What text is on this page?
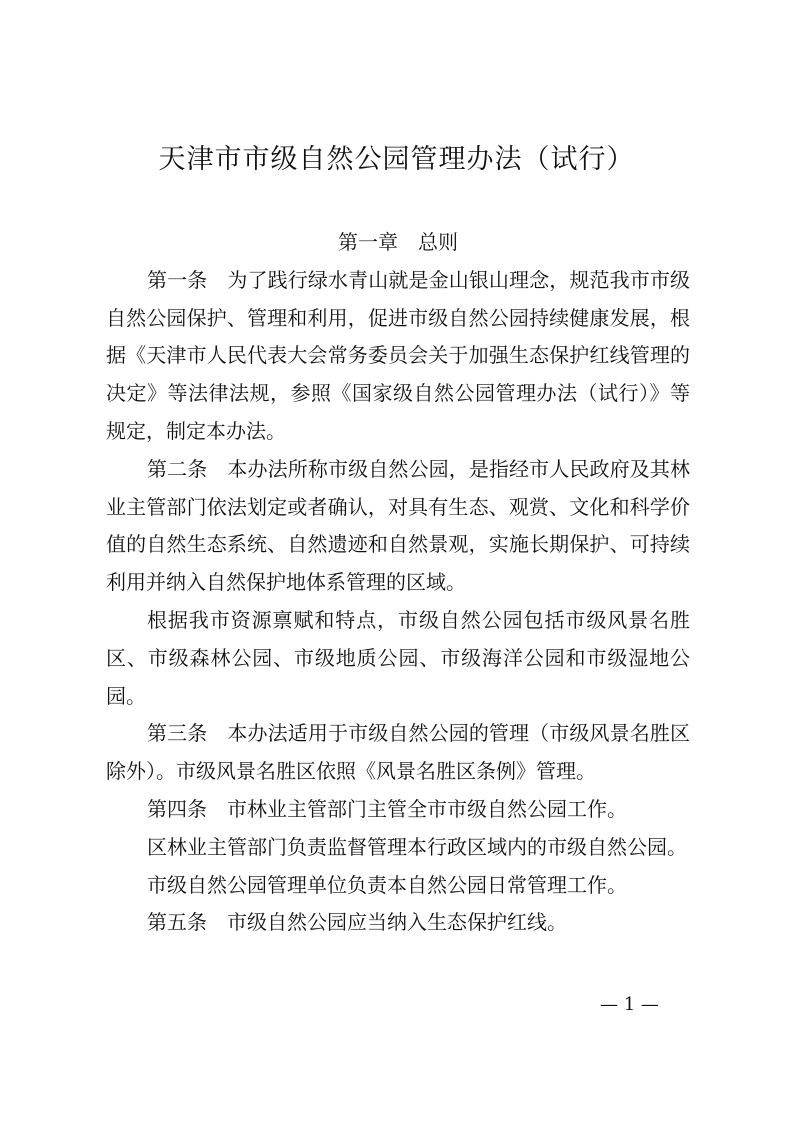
天津市市级自然公园管理办法（试行）
第一章　总则

第一条 为了践行绿水青山就是金山银山理念，规范我市市级自然公园保护、管理和利用，促进市级自然公园持续健康发展，根据《天津市人民代表大会常务委员会关于加强生态保护红线管理的决定》等法律法规，参照《国家级自然公园管理办法（试行）》等规定，制定本办法。

第二条 本办法所称市级自然公园，是指经市人民政府及其林业主管部门依法划定或者确认，对具有生态、观赏、文化和科学价值的自然生态系统、自然遗迹和自然景观，实施长期保护、可持续利用并纳入自然保护地体系管理的区域。

根据我市资源禀赋和特点，市级自然公园包括市级风景名胜区、市级森林公园、市级地质公园、市级海洋公园和市级湿地公园。

第三条 本办法适用于市级自然公园的管理（市级风景名胜区除外）。市级风景名胜区依照《风景名胜区条例》管理。

第四条 市林业主管部门主管全市市级自然公园工作。

区林业主管部门负责监督管理本行政区域内的市级自然公园。

市级自然公园管理单位负责本自然公园日常管理工作。

第五条 市级自然公园应当纳入生态保护红线。

— 1 —
